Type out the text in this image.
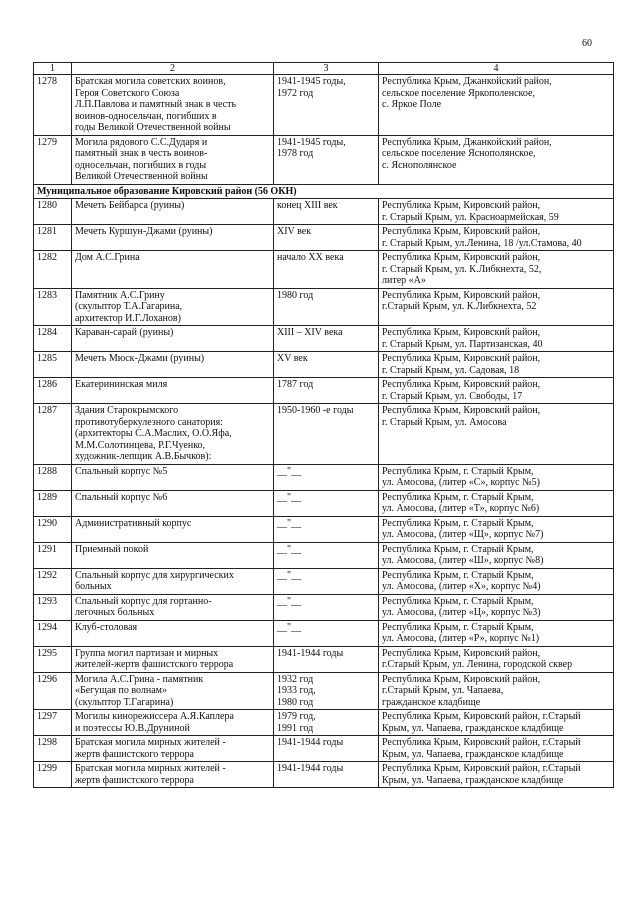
60
1	2	3	4
1278	Братская могила советских воинов,
Героя Советского Союза
Л.П.Павлова и памятный знак в честь
воинов-односельчан, погибших в
годы Великой Отечественной войны	1941-1945 годы,
1972 год	Республика Крым, Джанкойский район,
сельское поселение Яркополенское,
с. Яркое Поле
1279	Могила рядового С.С.Дударя и
памятный знак в честь воинов-
односельчан, погибших в годы
Великой Отечественной войны	1941-1945 годы,
1978 год	Республика Крым, Джанкойский район,
сельское поселение Яснополянское,
с. Яснополянское
Муниципальное образование Кировский район (56 ОКН)			
1280	Мечеть Бейбарса (руины)	конец XIII век	Республика Крым, Кировский район,
г. Старый Крым, ул. Красноармейская, 59
1281	Мечеть Куршун-Джами (руины)	XIV век	Республика Крым, Кировский район,
г. Старый Крым, ул.Ленина, 18 /ул.Стамова, 40
1282	Дом А.С.Грина	начало XX века	Республика Крым, Кировский район,
г. Старый Крым, ул. К.Либкнехта, 52,
литер «А»
1283	Памятник А.С.Грину
(скульптор Т.А.Гагарина,
архитектор И.Г.Лоханов)	1980 год	Республика Крым, Кировский район,
г.Старый Крым, ул. К.Либкнехта, 52
1284	Караван-сарай (руины)	XIII – XIV века	Республика Крым, Кировский район,
г. Старый Крым, ул. Партизанская, 40
1285	Мечеть Мюск-Джами (руины)	XV век	Республика Крым, Кировский район,
г. Старый Крым, ул. Садовая, 18
1286	Екатерининская миля	1787 год	Республика Крым, Кировский район,
г. Старый Крым, ул. Свободы, 17
1287	Здания Старокрымского
противотуберкулезного санатория:
(архитекторы С.А.Маслих, О.О.Яфа,
М.М.Солотинцева, Р.Г.Чуенко,
художник-лепщик А.В.Бычков):	1950-1960 -е годы	Республика Крым, Кировский район,
г. Старый Крым, ул. Амосова
1288	Спальный корпус №5	__"__	Республика Крым, г. Старый Крым,
ул. Амосова, (литер «С», корпус №5)
1289	Спальный корпус №6	__"__	Республика Крым, г. Старый Крым,
ул. Амосова, (литер «Т», корпус №6)
1290	Административный корпус	__"__	Республика Крым, г. Старый Крым,
ул. Амосова, (литер «Щ», корпус №7)
1291	Приемный покой	__"__	Республика Крым, г. Старый Крым,
ул. Амосова, (литер «Ш», корпус №8)
1292	Спальный корпус для хирургических
больных	__"__	Республика Крым, г. Старый Крым,
ул. Амосова, (литер «Х», корпус №4)
1293	Спальный корпус для гортанно-
легочных больных	__"__	Республика Крым, г. Старый Крым,
ул. Амосова, (литер «Ц», корпус №3)
1294	Клуб-столовая	__"__	Республика Крым, г. Старый Крым,
ул. Амосова, (литер «Р», корпус №1)
1295	Группа могил партизан и мирных
жителей-жертв фашистского террора	1941-1944 годы	Республика Крым, Кировский район,
г.Старый Крым, ул. Ленина, городской сквер
1296	Могила А.С.Грина - памятник
«Бегущая по волнам»
(скульптор Т.Гагарина)	1932 год
1933 год,
1980 год	Республика Крым, Кировский район,
г.Старый Крым, ул. Чапаева,
гражданское кладбище
1297	Могилы кинорежиссера А.Я.Каплера
и поэтессы Ю.В.Друниной	1979 год,
1991 год	Республика Крым, Кировский район, г.Старый
Крым, ул. Чапаева, гражданское кладбище
1298	Братская могила мирных жителей -
жертв фашистского террора	1941-1944 годы	Республика Крым, Кировский район, г.Старый
Крым, ул. Чапаева, гражданское кладбище
1299	Братская могила мирных жителей -
жертв фашистского террора	1941-1944 годы	Республика Крым, Кировский район, г.Старый
Крым, ул. Чапаева, гражданское кладбище
